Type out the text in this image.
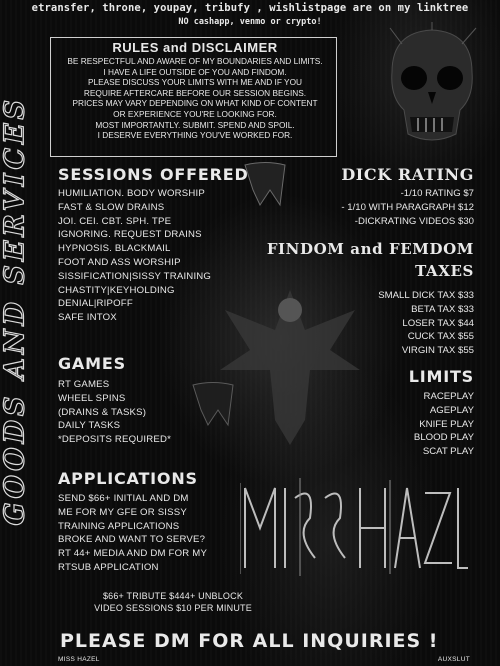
etransfer, throne, youpay, tribufy , wishlistpage are on my linktree
NO cashapp, venmo or crypto!
GOODS AND SERVICES
RULES and DISCLAIMER
BE RESPECTFUL AND AWARE OF MY BOUNDARIES AND LIMITS.
I HAVE A LIFE OUTSIDE OF YOU AND FINDOM.
PLEASE DISCUSS YOUR LIMITS WITH ME AND IF YOU
REQUIRE AFTERCARE BEFORE OUR SESSION BEGINS.
PRICES MAY VARY DEPENDING ON WHAT KIND OF CONTENT
OR EXPERIENCE YOU'RE LOOKING FOR.
MOST IMPORTANTLY. SUBMIT. SPEND AND SPOIL.
I DESERVE EVERYTHING YOU'VE WORKED FOR.
SESSIONS OFFERED
HUMILIATION. BODY WORSHIP
FAST & SLOW DRAINS
JOI. CEI. CBT. SPH. TPE
IGNORING. REQUEST DRAINS
HYPNOSIS. BLACKMAIL
FOOT AND ASS WORSHIP
SISSIFICATION|SISSY TRAINING
CHASTITY|KEYHOLDING
DENIAL|RIPOFF
SAFE INTOX
GAMES
RT GAMES
WHEEL SPINS
(DRAINS & TASKS)
DAILY TASKS
*DEPOSITS REQUIRED*
APPLICATIONS
SEND $66+ INITIAL AND DM
ME FOR MY GFE OR SISSY
TRAINING APPLICATIONS
BROKE AND WANT TO SERVE?
RT 44+ MEDIA AND DM FOR MY
RTSUB APPLICATION
$66+ TRIBUTE $444+ UNBLOCK
VIDEO SESSIONS $10 PER MINUTE
DICK RATING
-1/10 RATING $7
- 1/10 WITH PARAGRAPH $12
-DICKRATING VIDEOS $30
FINDOM and FEMDOM
TAXES
SMALL DICK TAX $33
BETA TAX $33
LOSER TAX $44
CUCK TAX $55
VIRGIN TAX $55
LIMITS
RACEPLAY
AGEPLAY
KNIFE PLAY
BLOOD PLAY
SCAT PLAY
PLEASE DM FOR ALL INQUIRIES !
MISS HAZEL	AUXSLUT
